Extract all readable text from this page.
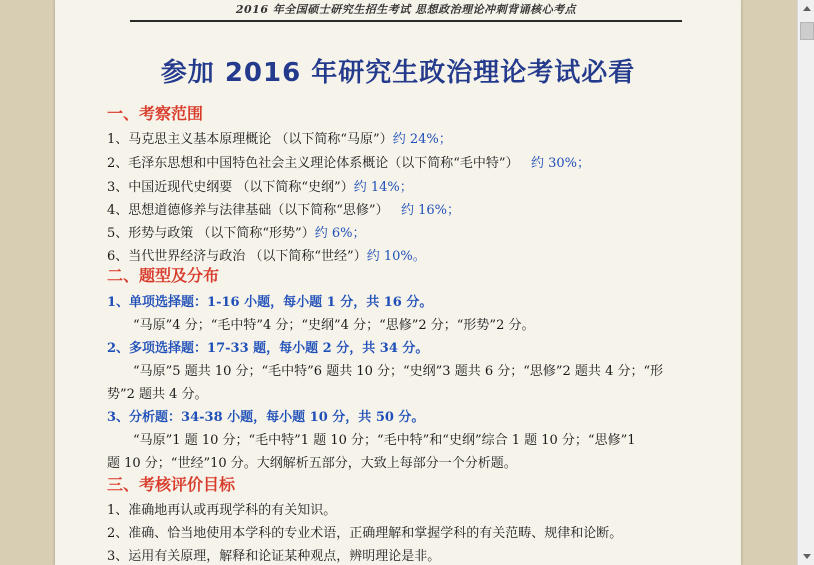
2016 年全国硕士研究生招生考试 思想政治理论冲刺背诵核心考点
参加 2016 年研究生政治理论考试必看
一、考察范围
1、马克思主义基本原理概论 （以下简称“马原”）约 24%；
2、毛泽东思想和中国特色社会主义理论体系概论（以下简称“毛中特”） 约 30%；
3、中国近现代史纲要 （以下简称“史纲”）约 14%；
4、思想道德修养与法律基础（以下简称“思修”） 约 16%；
5、形势与政策 （以下简称“形势”）约 6%；
6、当代世界经济与政治 （以下简称“世经”）约 10%。
二、题型及分布
1、单项选择题：1-16 小题，每小题 1 分，共 16 分。
“马原”4 分；“毛中特”4 分；“史纲”4 分；“思修”2 分；“形势”2 分。
2、多项选择题：17-33 题，每小题 2 分，共 34 分。
“马原”5 题共 10 分；“毛中特”6 题共 10 分；“史纲”3 题共 6 分；“思修”2 题共 4 分；“形
势”2 题共 4 分。
3、分析题：34-38 小题，每小题 10 分，共 50 分。
“马原”1 题 10 分；“毛中特”1 题 10 分；“毛中特”和“史纲”综合 1 题 10 分；“思修”1
题 10 分；“世经”10 分。大纲解析五部分，大致上每部分一个分析题。
三、考核评价目标
1、准确地再认或再现学科的有关知识。
2、准确、恰当地使用本学科的专业术语，正确理解和掌握学科的有关范畴、规律和论断。
3、运用有关原理，解释和论证某种观点，辨明理论是非。
